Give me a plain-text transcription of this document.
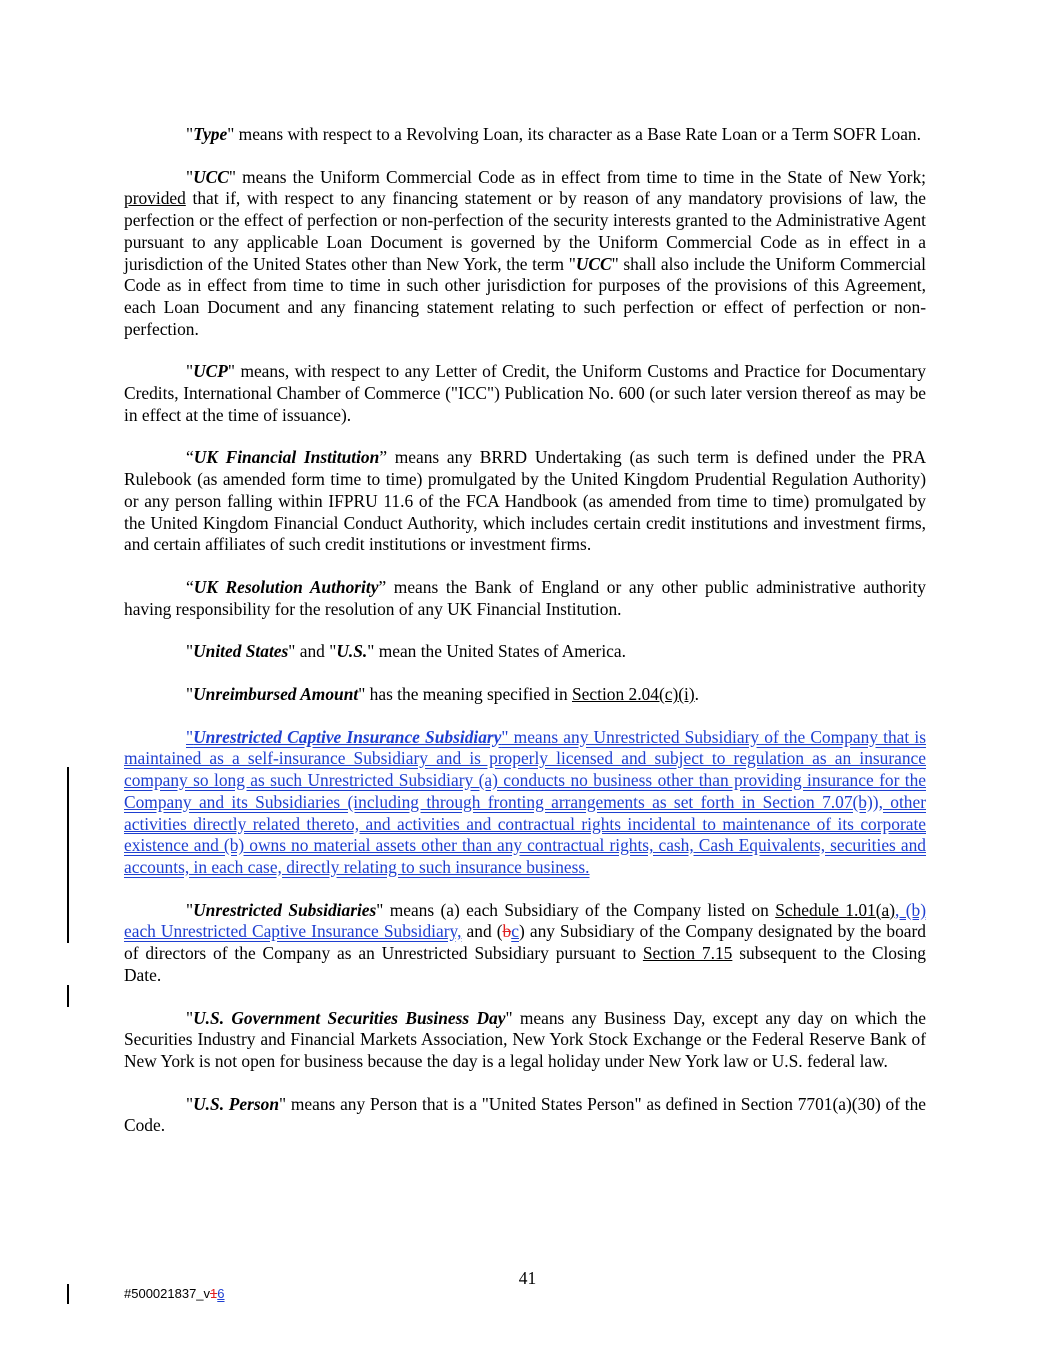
"Type" means with respect to a Revolving Loan, its character as a Base Rate Loan or a Term SOFR Loan.

"UCC" means the Uniform Commercial Code as in effect from time to time in the State of New York; provided that if, with respect to any financing statement or by reason of any mandatory provisions of law, the perfection or the effect of perfection or non-perfection of the security interests granted to the Administrative Agent pursuant to any applicable Loan Document is governed by the Uniform Commercial Code as in effect in a jurisdiction of the United States other than New York, the term "UCC" shall also include the Uniform Commercial Code as in effect from time to time in such other jurisdiction for purposes of the provisions of this Agreement, each Loan Document and any financing statement relating to such perfection or effect of perfection or non-perfection.

"UCP" means, with respect to any Letter of Credit, the Uniform Customs and Practice for Documentary Credits, International Chamber of Commerce ("ICC") Publication No. 600 (or such later version thereof as may be in effect at the time of issuance).

“UK Financial Institution” means any BRRD Undertaking (as such term is defined under the PRA Rulebook (as amended form time to time) promulgated by the United Kingdom Prudential Regulation Authority) or any person falling within IFPRU 11.6 of the FCA Handbook (as amended from time to time) promulgated by the United Kingdom Financial Conduct Authority, which includes certain credit institutions and investment firms, and certain affiliates of such credit institutions or investment firms.

“UK Resolution Authority” means the Bank of England or any other public administrative authority having responsibility for the resolution of any UK Financial Institution.

"United States" and "U.S." mean the United States of America.

"Unreimbursed Amount" has the meaning specified in Section 2.04(c)(i).

"Unrestricted Captive Insurance Subsidiary" means any Unrestricted Subsidiary of the Company that is maintained as a self-insurance Subsidiary and is properly licensed and subject to regulation as an insurance company so long as such Unrestricted Subsidiary (a) conducts no business other than providing insurance for the Company and its Subsidiaries (including through fronting arrangements as set forth in Section 7.07(b)), other activities directly related thereto, and activities and contractual rights incidental to maintenance of its corporate existence and (b) owns no material assets other than any contractual rights, cash, Cash Equivalents, securities and accounts, in each case, directly relating to such insurance business.

"Unrestricted Subsidiaries" means (a) each Subsidiary of the Company listed on Schedule 1.01(a), (b) each Unrestricted Captive Insurance Subsidiary, and (bc) any Subsidiary of the Company designated by the board of directors of the Company as an Unrestricted Subsidiary pursuant to Section 7.15 subsequent to the Closing Date.

"U.S. Government Securities Business Day" means any Business Day, except any day on which the Securities Industry and Financial Markets Association, New York Stock Exchange or the Federal Reserve Bank of New York is not open for business because the day is a legal holiday under New York law or U.S. federal law.

"U.S. Person" means any Person that is a "United States Person" as defined in Section 7701(a)(30) of the Code.

41
#500021837_v16
